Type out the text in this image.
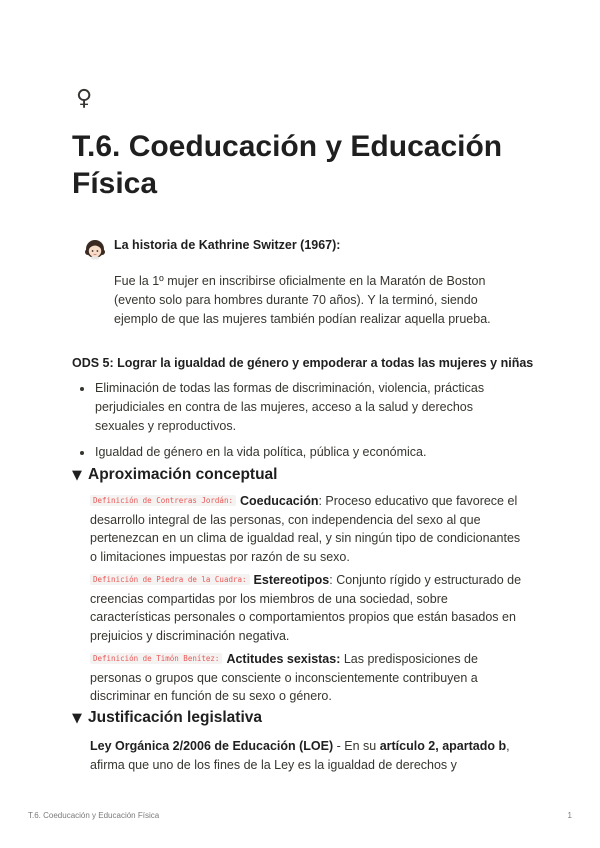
♀
T.6. Coeducación y Educación Física
La historia de Kathrine Switzer (1967):

Fue la 1º mujer en inscribirse oficialmente en la Maratón de Boston (evento solo para hombres durante 70 años). Y la terminó, siendo ejemplo de que las mujeres también podían realizar aquella prueba.

ODS 5: Lograr la igualdad de género y empoderar a todas las mujeres y niñas

Eliminación de todas las formas de discriminación, violencia, prácticas perjudiciales en contra de las mujeres, acceso a la salud y derechos sexuales y reproductivos.
Igualdad de género en la vida política, pública y económica.
▼ Aproximación conceptual

Definición de Contreras Jordán: Coeducación: Proceso educativo que favorece el desarrollo integral de las personas, con independencia del sexo al que pertenezcan en un clima de igualdad real, y sin ningún tipo de condicionantes o limitaciones impuestas por razón de su sexo.

Definición de Piedra de la Cuadra: Estereotipos: Conjunto rígido y estructurado de creencias compartidas por los miembros de una sociedad, sobre características personales o comportamientos propios que están basados en prejuicios y discriminación negativa.

Definición de Timón Benítez: Actitudes sexistas: Las predisposiciones de personas o grupos que consciente o inconscientemente contribuyen a discriminar en función de su sexo o género.

▼ Justificación legislativa

Ley Orgánica 2/2006 de Educación (LOE) - En su artículo 2, apartado b, afirma que uno de los fines de la Ley es la igualdad de derechos y

T.6. Coeducación y Educación Física	1
